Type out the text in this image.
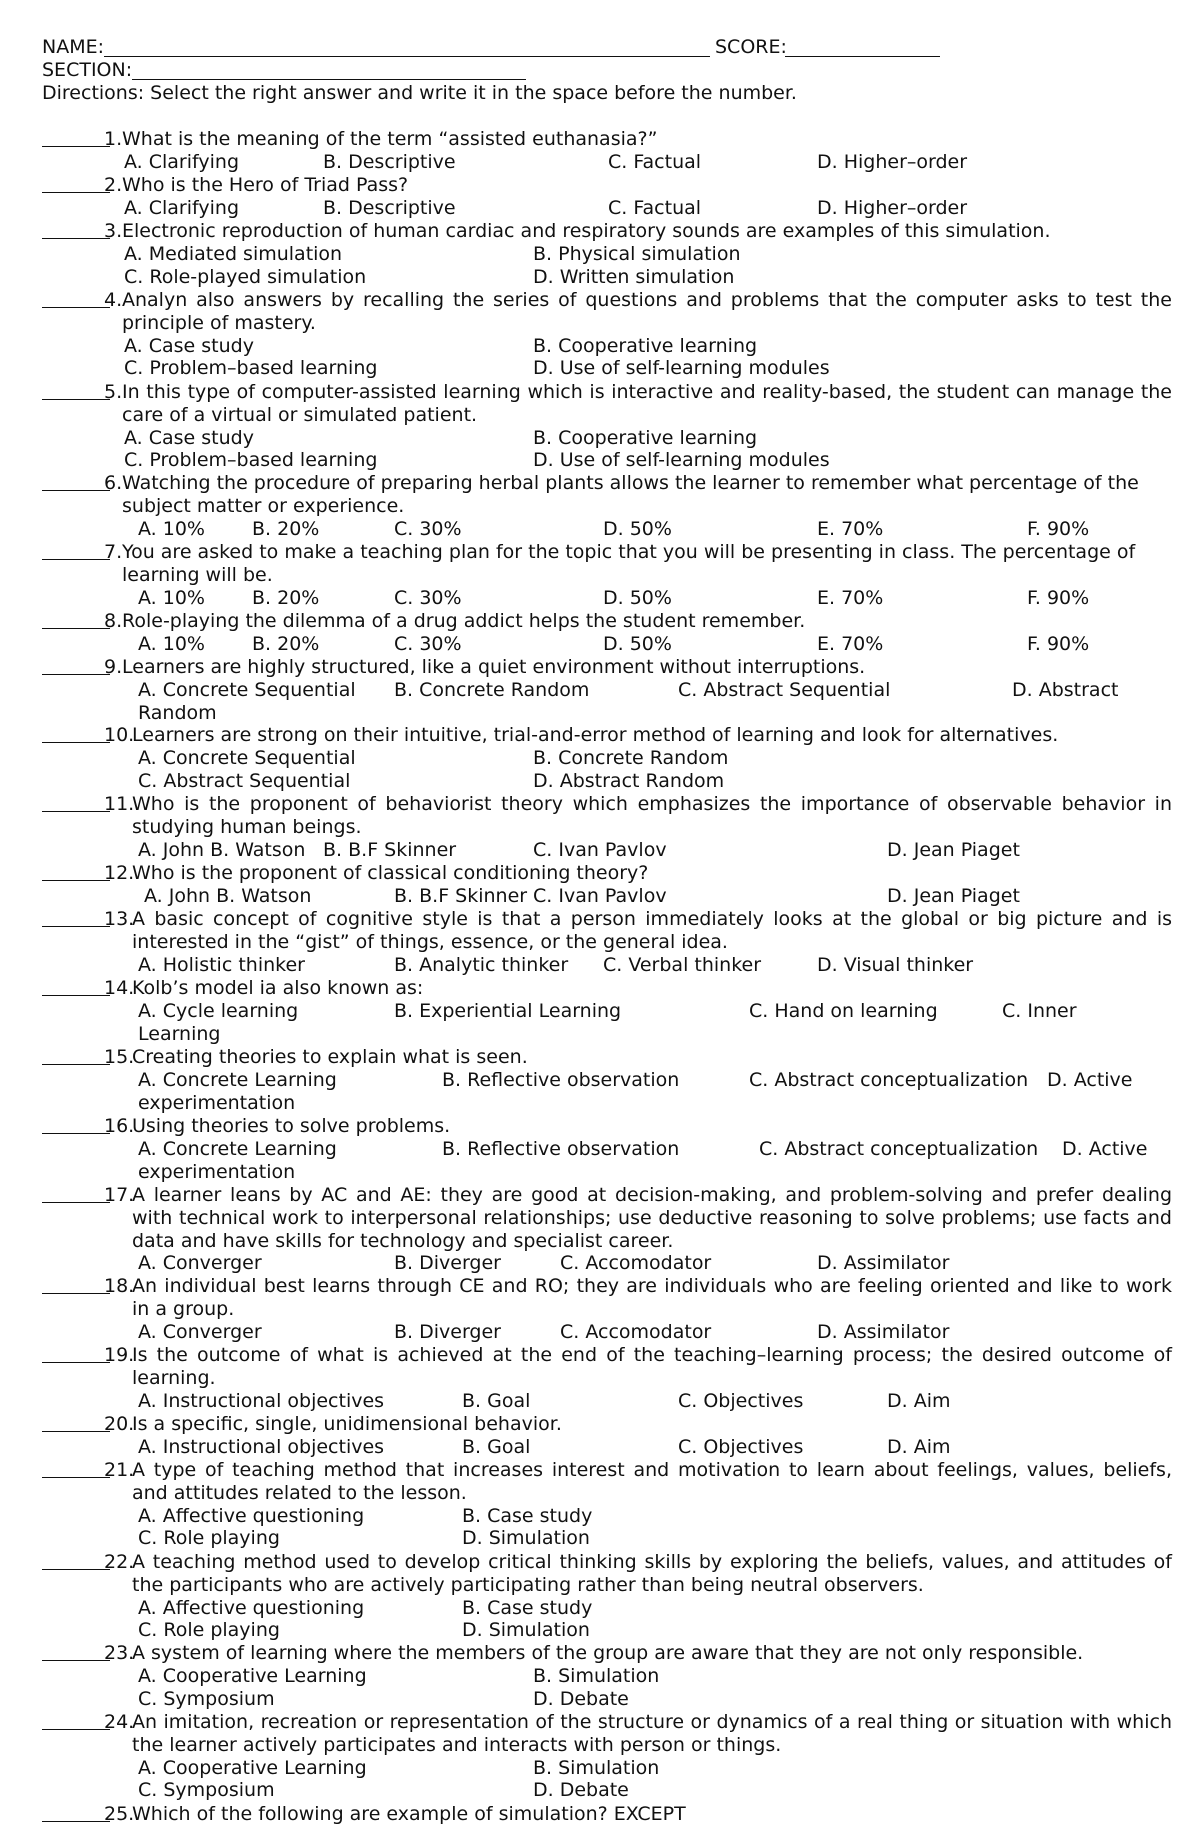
NAME:	SCORE:
SECTION:
Directions: Select the right answer and write it in the space before the number.
1. What is the meaning of the term “assisted euthanasia?”
A. Clarifying	B. Descriptive	C. Factual	D. Higher–order
2. Who is the Hero of Triad Pass?
A. Clarifying	B. Descriptive	C. Factual	D. Higher–order
3. Electronic reproduction of human cardiac and respiratory sounds are examples of this simulation.
A. Mediated simulation	B. Physical simulation
C. Role-played simulation	D. Written simulation
4. Analyn also answers by recalling the series of questions and problems that the computer asks to test the principle of mastery.
A. Case study	B. Cooperative learning
C. Problem–based learning	D. Use of self-learning modules
5. In this type of computer-assisted learning which is interactive and reality-based, the student can manage the care of a virtual or simulated patient.
A. Case study	B. Cooperative learning
C. Problem–based learning	D. Use of self-learning modules
6. Watching the procedure of preparing herbal plants allows the learner to remember what percentage of the subject matter or experience.
A. 10% B. 20%	C. 30%	D. 50%	E. 70%	F. 90%
7. You are asked to make a teaching plan for the topic that you will be presenting in class. The percentage of learning will be.
A. 10% B. 20%	C. 30%	D. 50%	E. 70%	F. 90%
8. Role-playing the dilemma of a drug addict helps the student remember.
A. 10% B. 20%	C. 30%	D. 50%	E. 70%	F. 90%
9. Learners are highly structured, like a quiet environment without interruptions.
A. Concrete Sequential B. Concrete Random	C. Abstract Sequential	D. Abstract
Random
10.
Learners are strong on their intuitive, trial-and-error method of learning and look for alternatives.
A. Concrete Sequential	B. Concrete Random
C. Abstract Sequential	D. Abstract Random
11.
Who is the proponent of behaviorist theory which emphasizes the importance of observable behavior in studying human beings.
A. John B. Watson B. B.F Skinner	C. Ivan Pavlov	D. Jean Piaget
12.
Who is the proponent of classical conditioning theory?
A. John B. Watson	B. B.F Skinner C. Ivan Pavlov	D. Jean Piaget
13.
A basic concept of cognitive style is that a person immediately looks at the global or big picture and is interested in the “gist” of things, essence, or the general idea.
A. Holistic thinker	B. Analytic thinker C. Verbal thinker	D. Visual thinker
14.
Kolb’s model ia also known as:
A. Cycle learning	B. Experiential Learning	C. Hand on learning	C. Inner
Learning
15.
Creating theories to explain what is seen.
A. Concrete Learning	B. Reflective observation	C. Abstract conceptualization D. Active
experimentation
16.
Using theories to solve problems.
A. Concrete Learning	B. Reflective observation	C. Abstract conceptualization D. Active
experimentation
17.
A learner leans by AC and AE: they are good at decision-making, and problem-solving and prefer dealing with technical work to interpersonal relationships; use deductive reasoning to solve problems; use facts and data and have skills for technology and specialist career.
A. Converger	B. Diverger	C. Accomodator	D. Assimilator
18.
An individual best learns through CE and RO; they are individuals who are feeling oriented and like to work in a group.
A. Converger	B. Diverger	C. Accomodator	D. Assimilator
19.
Is the outcome of what is achieved at the end of the teaching–learning process; the desired outcome of learning.
A. Instructional objectives	B. Goal	C. Objectives	D. Aim
20.
Is a specific, single, unidimensional behavior.
A. Instructional objectives	B. Goal	C. Objectives	D. Aim
21.
A type of teaching method that increases interest and motivation to learn about feelings, values, beliefs, and attitudes related to the lesson.
A. Affective questioning	B. Case study
C. Role playing	D. Simulation
22.
A teaching method used to develop critical thinking skills by exploring the beliefs, values, and attitudes of the participants who are actively participating rather than being neutral observers.
A. Affective questioning	B. Case study
C. Role playing	D. Simulation
23.
A system of learning where the members of the group are aware that they are not only responsible.
A. Cooperative Learning	B. Simulation
C. Symposium	D. Debate
24.
An imitation, recreation or representation of the structure or dynamics of a real thing or situation with which the learner actively participates and interacts with person or things.
A. Cooperative Learning	B. Simulation
C. Symposium	D. Debate
25.
Which of the following are example of simulation? EXCEPT
